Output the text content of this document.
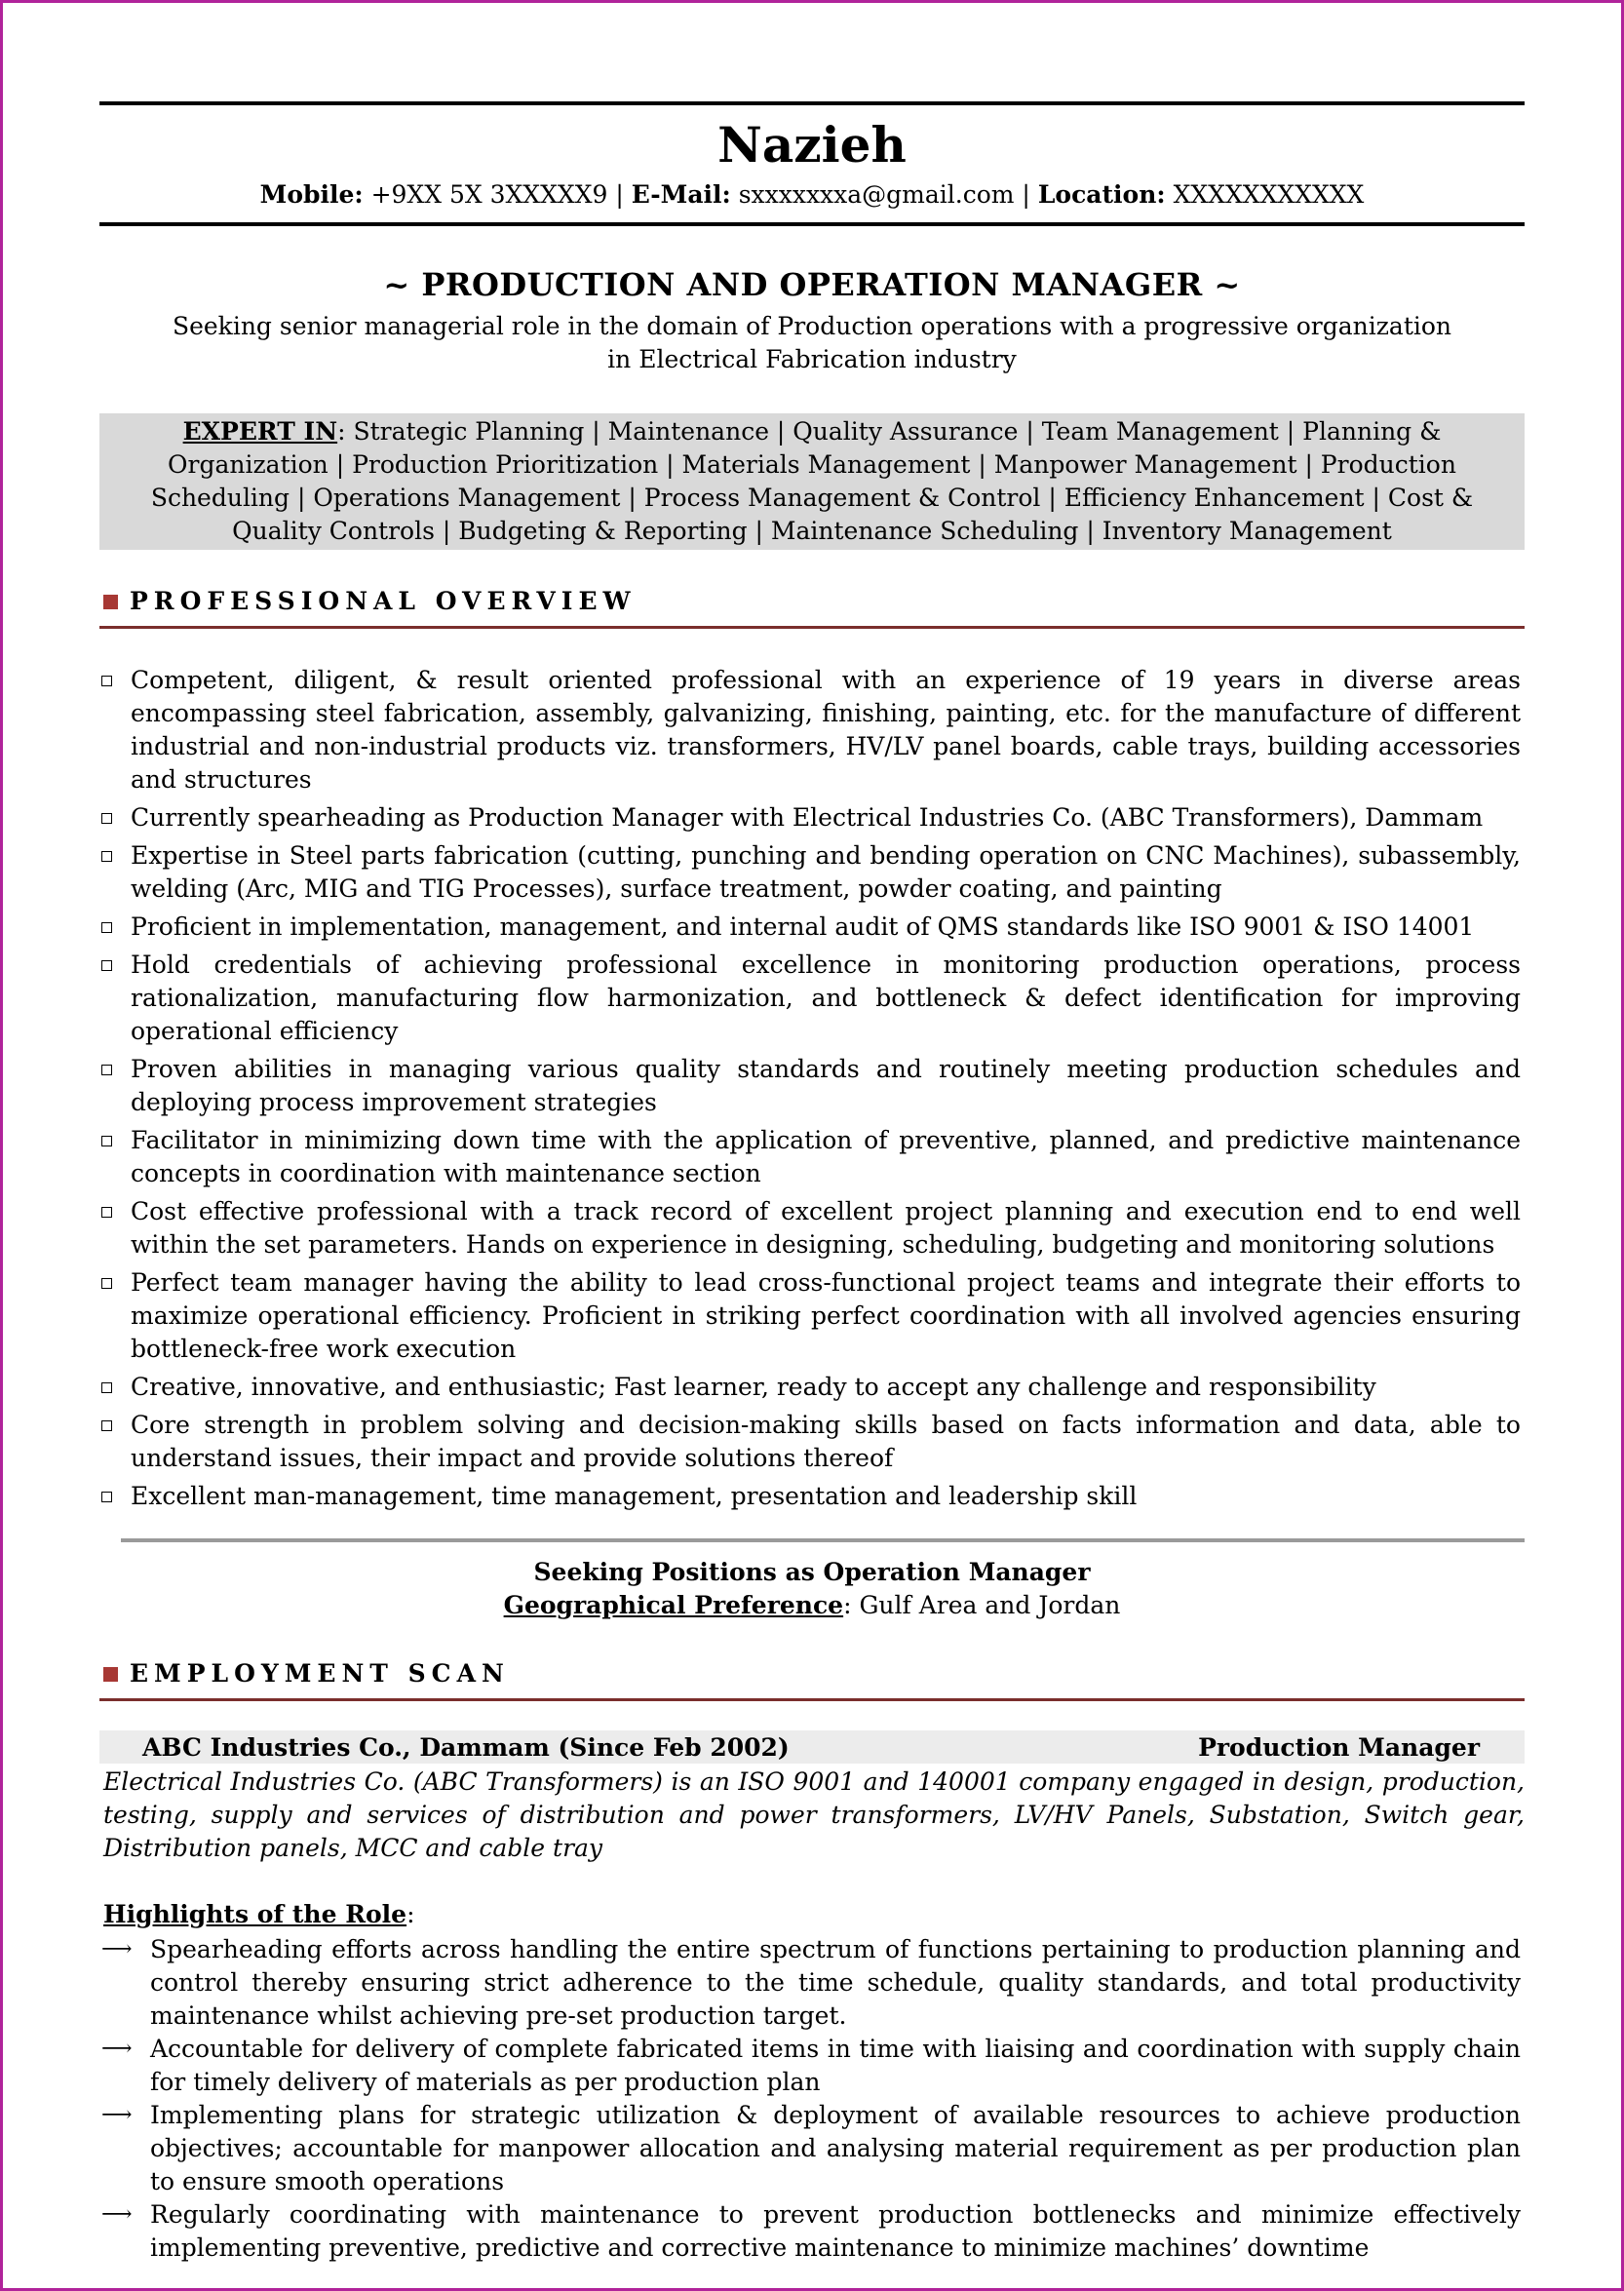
Nazieh
Mobile: +9XX 5X 3XXXXX9 | E-Mail: sxxxxxxxa@gmail.com | Location: XXXXXXXXXXX
~ PRODUCTION AND OPERATION MANAGER ~
Seeking senior managerial role in the domain of Production operations with a progressive organization in Electrical Fabrication industry
EXPERT IN: Strategic Planning | Maintenance | Quality Assurance | Team Management | Planning & Organization | Production Prioritization | Materials Management | Manpower Management | Production Scheduling | Operations Management | Process Management & Control | Efficiency Enhancement | Cost & Quality Controls | Budgeting & Reporting | Maintenance Scheduling | Inventory Management
PROFESSIONAL OVERVIEW
Competent, diligent, & result oriented professional with an experience of 19 years in diverse areas encompassing steel fabrication, assembly, galvanizing, finishing, painting, etc. for the manufacture of different industrial and non-industrial products viz. transformers, HV/LV panel boards, cable trays, building accessories and structures
Currently spearheading as Production Manager with Electrical Industries Co. (ABC Transformers), Dammam
Expertise in Steel parts fabrication (cutting, punching and bending operation on CNC Machines), subassembly, welding (Arc, MIG and TIG Processes), surface treatment, powder coating, and painting
Proficient in implementation, management, and internal audit of QMS standards like ISO 9001 & ISO 14001
Hold credentials of achieving professional excellence in monitoring production operations, process rationalization, manufacturing flow harmonization, and bottleneck & defect identification for improving operational efficiency
Proven abilities in managing various quality standards and routinely meeting production schedules and deploying process improvement strategies
Facilitator in minimizing down time with the application of preventive, planned, and predictive maintenance concepts in coordination with maintenance section
Cost effective professional with a track record of excellent project planning and execution end to end well within the set parameters. Hands on experience in designing, scheduling, budgeting and monitoring solutions
Perfect team manager having the ability to lead cross-functional project teams and integrate their efforts to maximize operational efficiency. Proficient in striking perfect coordination with all involved agencies ensuring bottleneck-free work execution
Creative, innovative, and enthusiastic; Fast learner, ready to accept any challenge and responsibility
Core strength in problem solving and decision-making skills based on facts information and data, able to understand issues, their impact and provide solutions thereof
Excellent man-management, time management, presentation and leadership skill
Seeking Positions as Operation Manager
Geographical Preference: Gulf Area and Jordan
EMPLOYMENT SCAN
ABC Industries Co., Dammam (Since Feb 2002)	Production Manager
Electrical Industries Co. (ABC Transformers) is an ISO 9001 and 140001 company engaged in design, production, testing, supply and services of distribution and power transformers, LV/HV Panels, Substation, Switch gear, Distribution panels, MCC and cable tray
Highlights of the Role:
⟶ Spearheading efforts across handling the entire spectrum of functions pertaining to production planning and control thereby ensuring strict adherence to the time schedule, quality standards, and total productivity maintenance whilst achieving pre-set production target.
⟶ Accountable for delivery of complete fabricated items in time with liaising and coordination with supply chain for timely delivery of materials as per production plan
⟶ Implementing plans for strategic utilization & deployment of available resources to achieve production objectives; accountable for manpower allocation and analysing material requirement as per production plan to ensure smooth operations
⟶ Regularly coordinating with maintenance to prevent production bottlenecks and minimize effectively implementing preventive, predictive and corrective maintenance to minimize machines’ downtime
